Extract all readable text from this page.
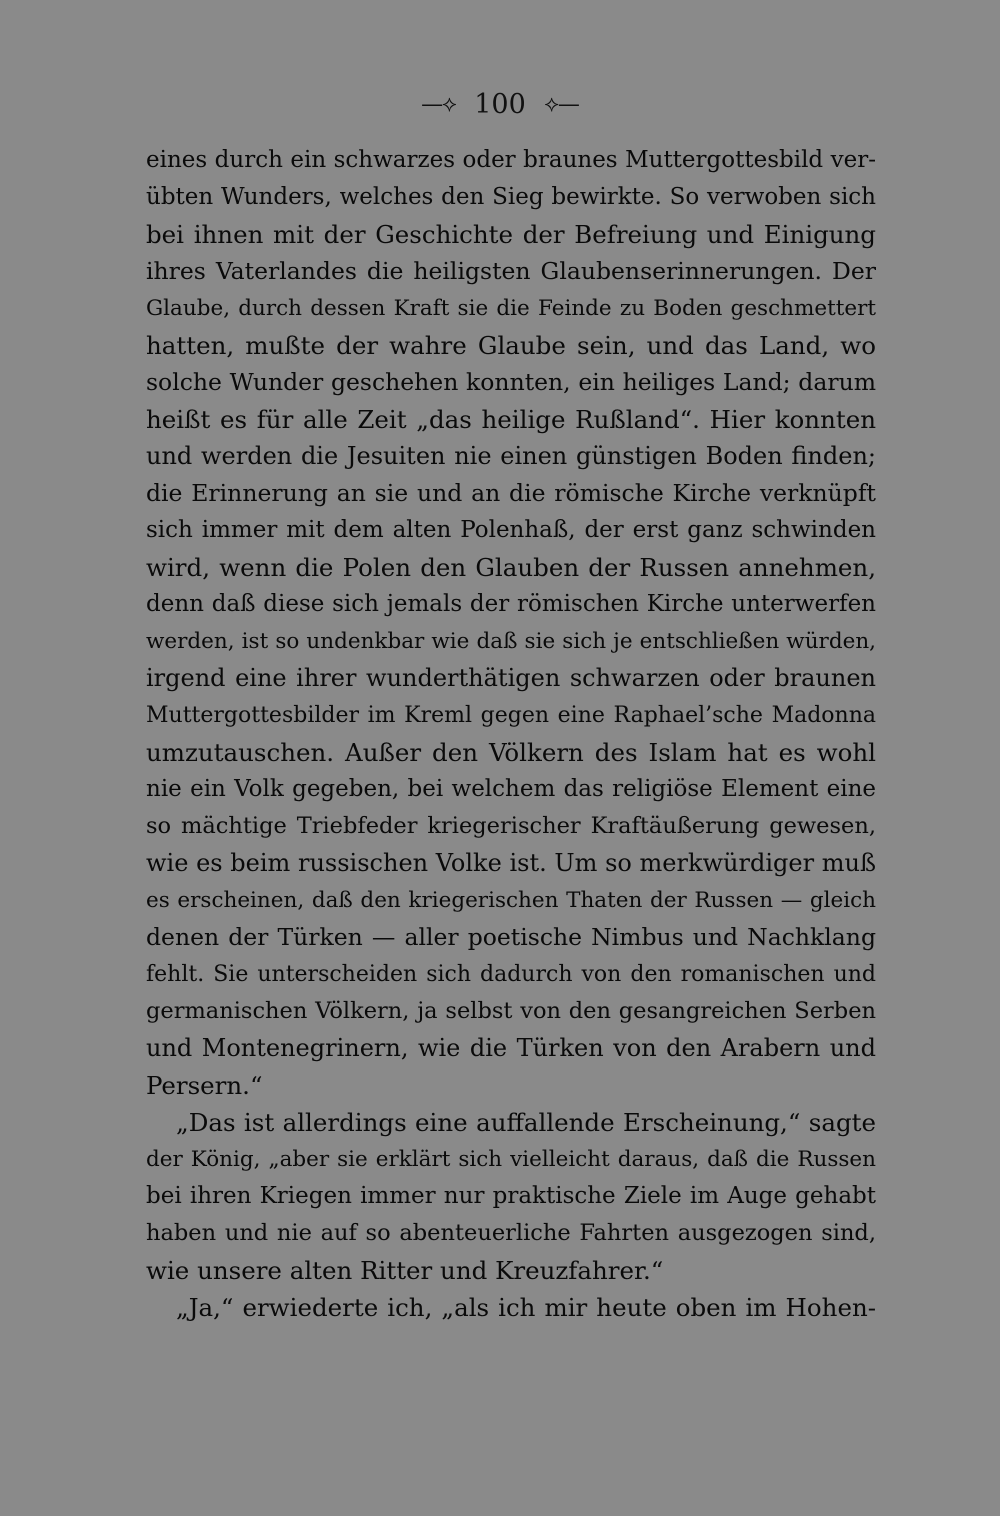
—⟡ 100 ⟡—
eines durch ein schwarzes oder braunes Muttergottesbild ver-
übten Wunders, welches den Sieg bewirkte. So verwoben sich
bei ihnen mit der Geschichte der Befreiung und Einigung
ihres Vaterlandes die heiligsten Glaubenserinnerungen. Der
Glaube, durch dessen Kraft sie die Feinde zu Boden geschmettert
hatten, mußte der wahre Glaube sein, und das Land, wo
solche Wunder geschehen konnten, ein heiliges Land; darum
heißt es für alle Zeit „das heilige Rußland“. Hier konnten
und werden die Jesuiten nie einen günstigen Boden finden;
die Erinnerung an sie und an die römische Kirche verknüpft
sich immer mit dem alten Polenhaß, der erst ganz schwinden
wird, wenn die Polen den Glauben der Russen annehmen,
denn daß diese sich jemals der römischen Kirche unterwerfen
werden, ist so undenkbar wie daß sie sich je entschließen würden,
irgend eine ihrer wunderthätigen schwarzen oder braunen
Muttergottesbilder im Kreml gegen eine Raphael’sche Madonna
umzutauschen. Außer den Völkern des Islam hat es wohl
nie ein Volk gegeben, bei welchem das religiöse Element eine
so mächtige Triebfeder kriegerischer Kraftäußerung gewesen,
wie es beim russischen Volke ist. Um so merkwürdiger muß
es erscheinen, daß den kriegerischen Thaten der Russen — gleich
denen der Türken — aller poetische Nimbus und Nachklang
fehlt. Sie unterscheiden sich dadurch von den romanischen und
germanischen Völkern, ja selbst von den gesangreichen Serben
und Montenegrinern, wie die Türken von den Arabern und
Persern.“
„Das ist allerdings eine auffallende Erscheinung,“ sagte
der König, „aber sie erklärt sich vielleicht daraus, daß die Russen
bei ihren Kriegen immer nur praktische Ziele im Auge gehabt
haben und nie auf so abenteuerliche Fahrten ausgezogen sind,
wie unsere alten Ritter und Kreuzfahrer.“
„Ja,“ erwiederte ich, „als ich mir heute oben im Hohen-
